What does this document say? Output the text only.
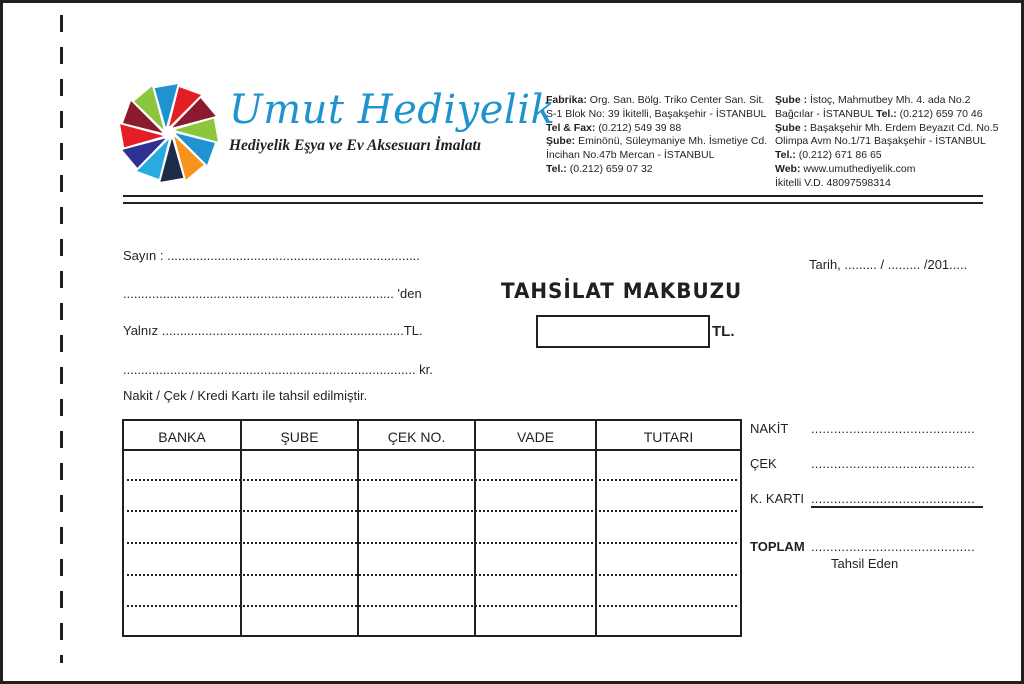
Umut Hediyelik
Hediyelik Eşya ve Ev Aksesuarı İmalatı
Fabrika: Org. San. Bölg. Triko Center San. Sit.
S-1 Blok No: 39 İkitelli, Başakşehir - İSTANBUL
Tel & Fax: (0.212) 549 39 88
Şube: Eminönü, Süleymaniye Mh. İsmetiye Cd.
İncihan No.47b Mercan - İSTANBUL
Tel.: (0.212) 659 07 32
Şube : İstoç, Mahmutbey Mh. 4. ada No.2
Bağcılar - İSTANBUL Tel.: (0.212) 659 70 46
Şube : Başakşehir Mh. Erdem Beyazıt Cd. No.5
Olimpa Avm No.1/71 Başakşehir - İSTANBUL
Tel.: (0.212) 671 86 65
Web: www.umuthediyelik.com
İkitelli V.D. 48097598314
Sayın : ......................................................................
........................................................................... 'den
Yalnız ...................................................................TL.
................................................................................. kr.
Nakit / Çek / Kredi Kartı ile tahsil edilmiştir.
Tarih, ......... / ......... /201.....
TAHSİLAT MAKBUZU
TL.
BANKA	ŞUBE	ÇEK NO.	VADE	TUTARI
NAKİT ...........................................
ÇEK	...........................................
K. KARTI ...........................................
TOPLAM ...........................................
Tahsil Eden
